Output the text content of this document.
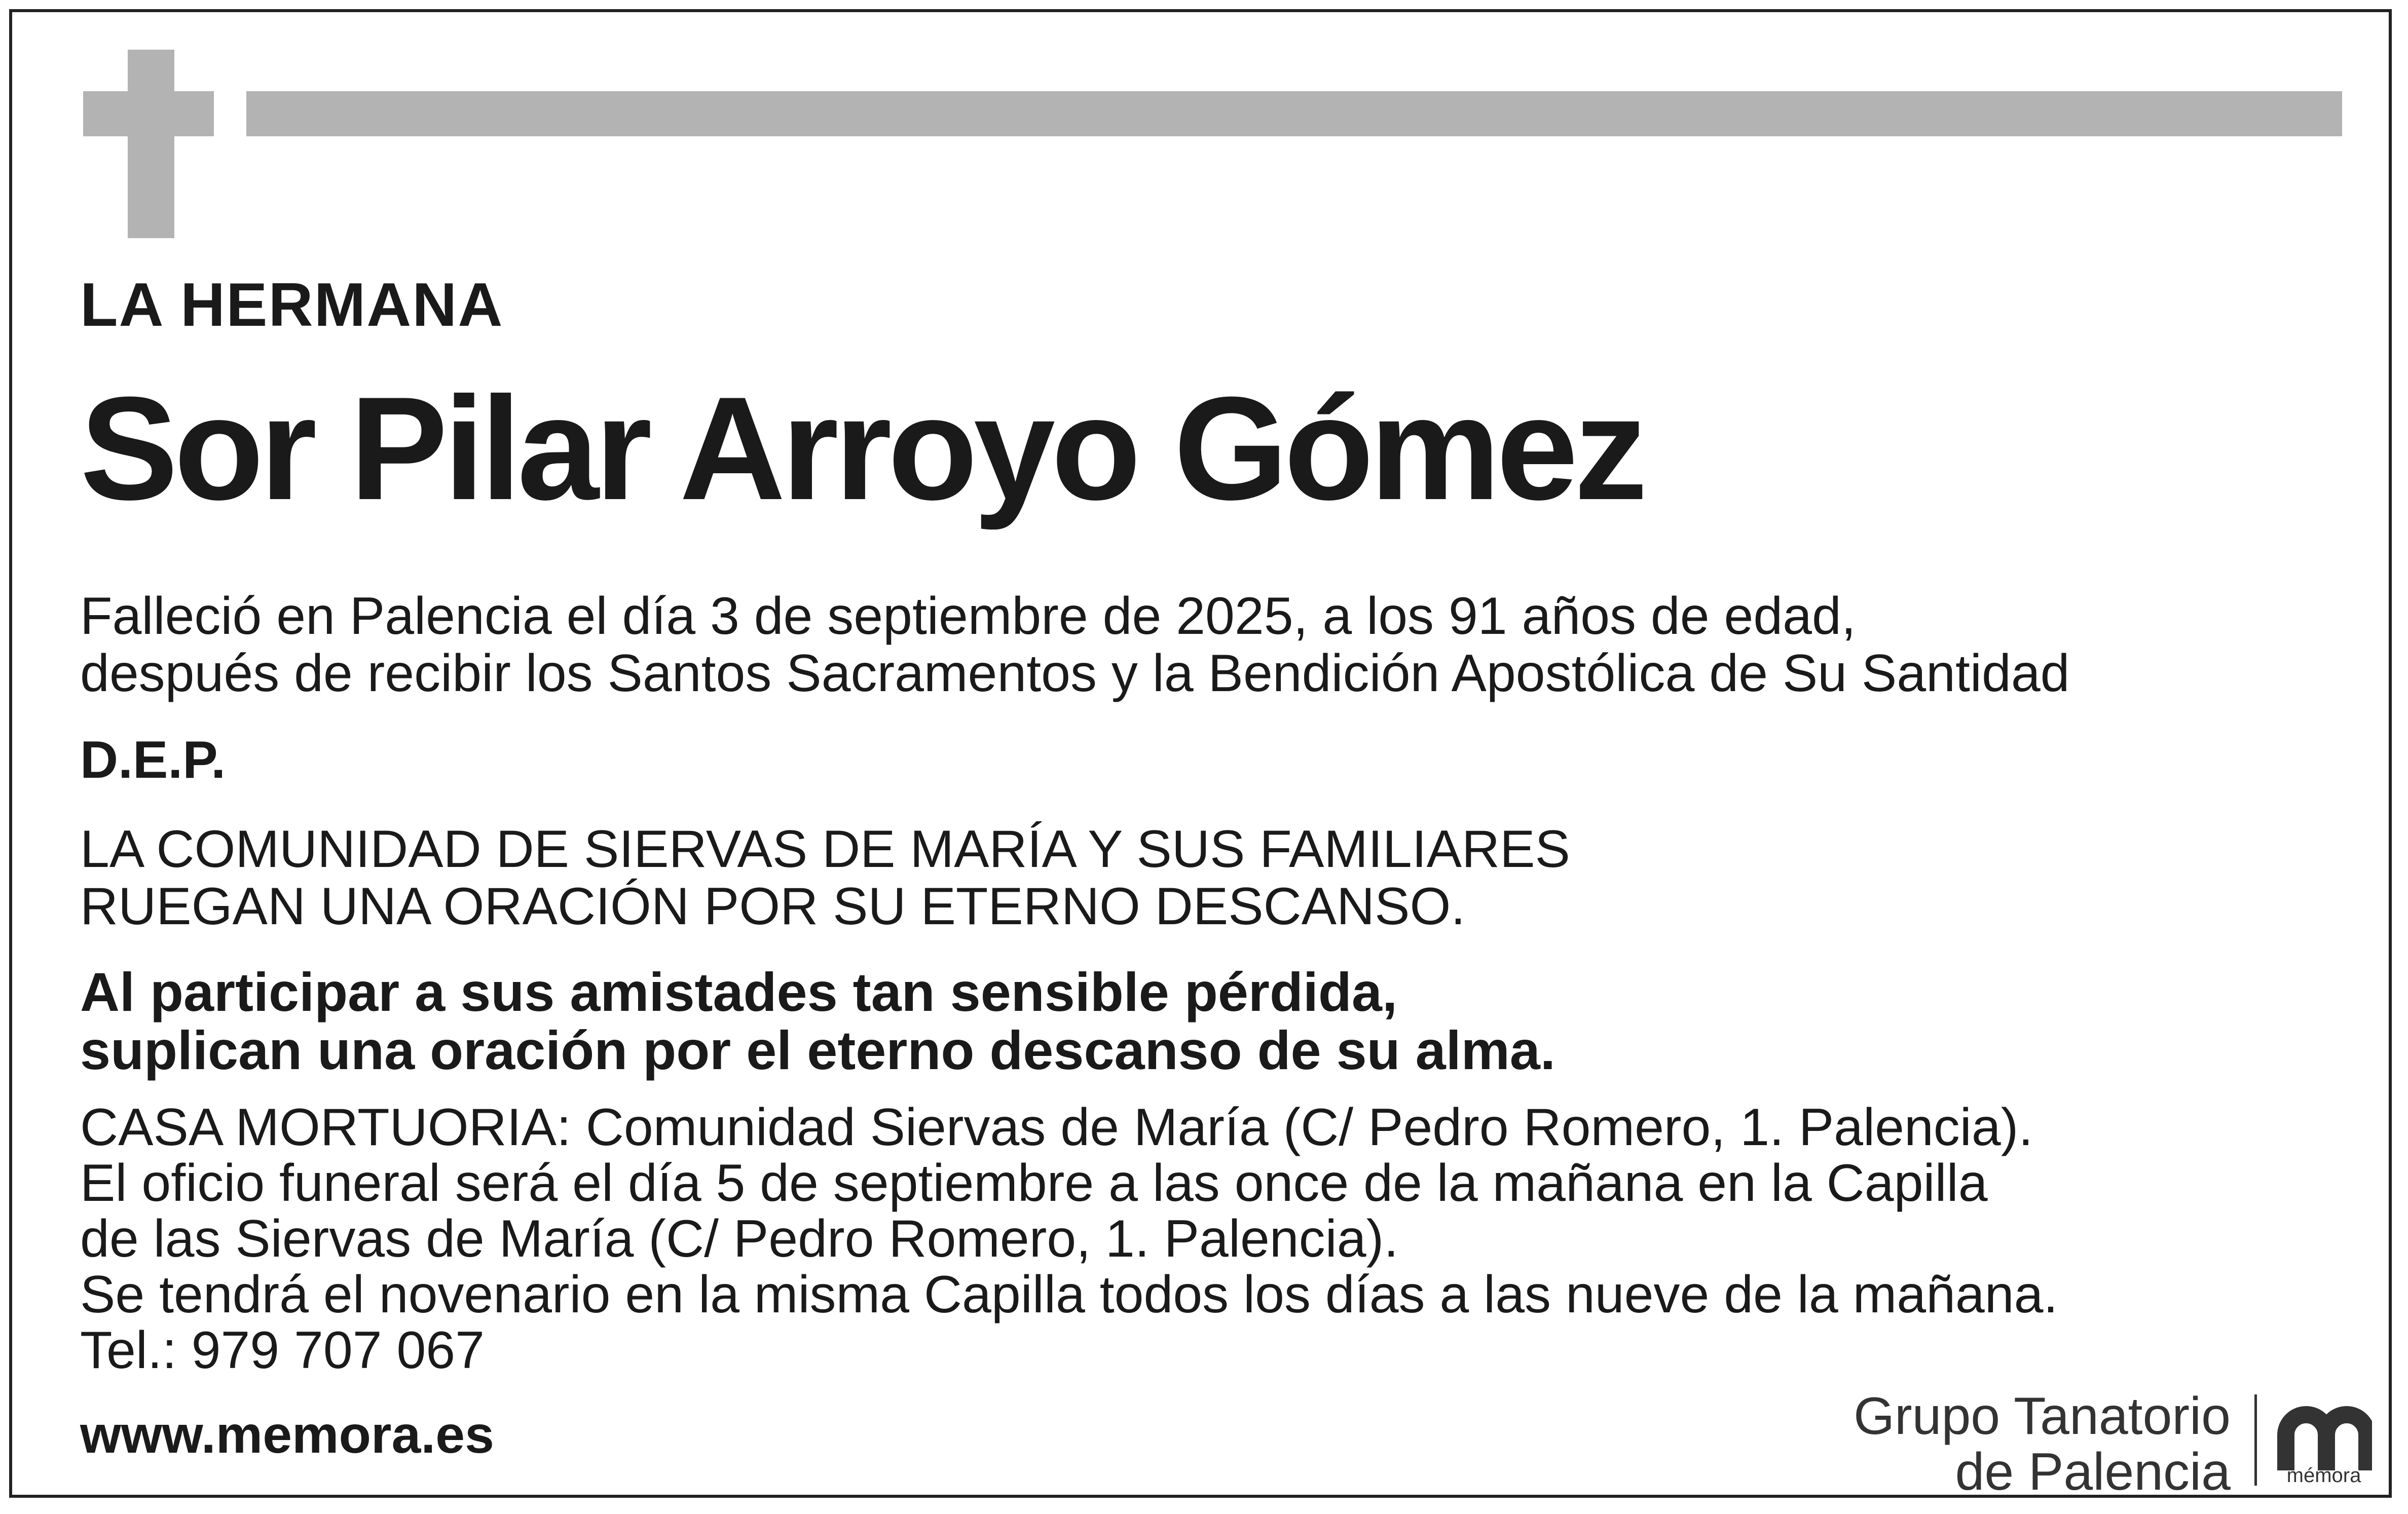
LA HERMANA

Sor Pilar Arroyo Gómez

Falleció en Palencia el día 3 de septiembre de 2025, a los 91 años de edad,
después de recibir los Santos Sacramentos y la Bendición Apostólica de Su Santidad

D.E.P.

LA COMUNIDAD DE SIERVAS DE MARÍA Y SUS FAMILIARES
RUEGAN UNA ORACIÓN POR SU ETERNO DESCANSO.

Al participar a sus amistades tan sensible pérdida,
suplican una oración por el eterno descanso de su alma.

CASA MORTUORIA: Comunidad Siervas de María (C/ Pedro Romero, 1. Palencia).
El oficio funeral será el día 5 de septiembre a las once de la mañana en la Capilla
de las Siervas de María (C/ Pedro Romero, 1. Palencia).
Se tendrá el novenario en la misma Capilla todos los días a las nueve de la mañana.
Tel.: 979 707 067

www.memora.es	Grupo Tanatorio
de Palencia	mémora
